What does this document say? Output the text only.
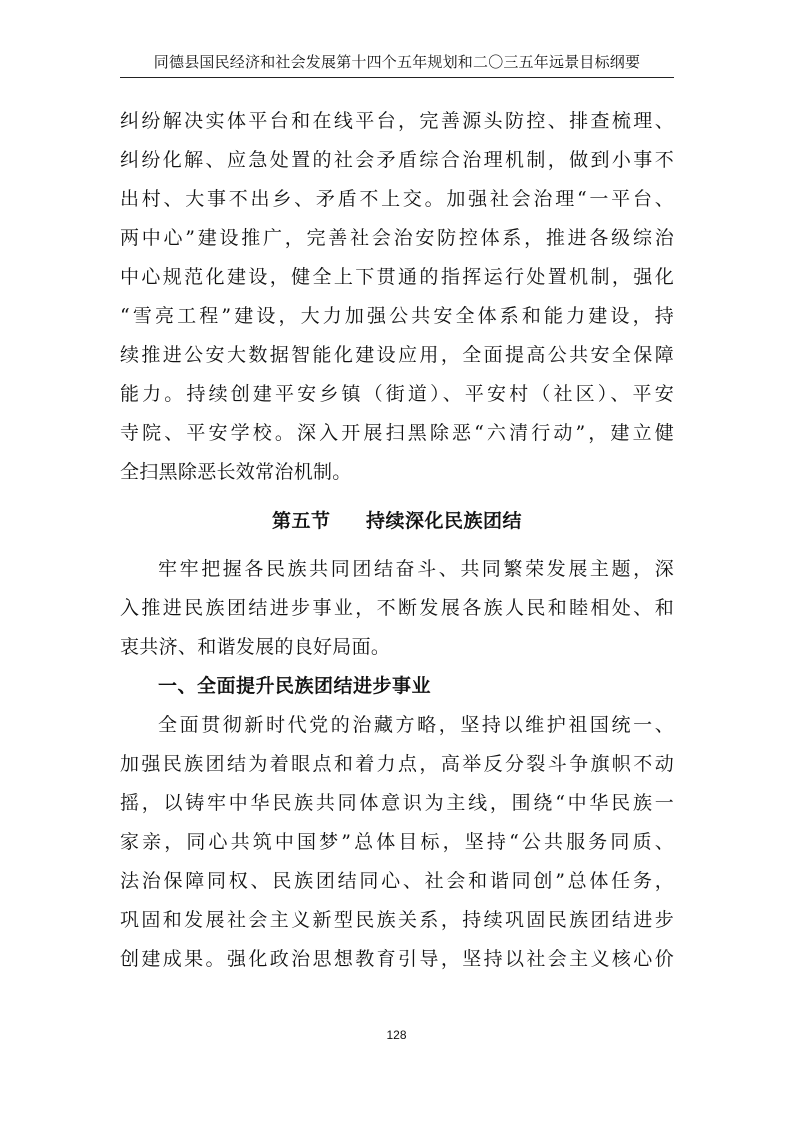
同德县国民经济和社会发展第十四个五年规划和二〇三五年远景目标纲要
纠纷解决实体平台和在线平台，完善源头防控、排查梳理、
纠纷化解、应急处置的社会矛盾综合治理机制，做到小事不
出村、大事不出乡、矛盾不上交。加强社会治理“一平台、
两中心”建设推广，完善社会治安防控体系，推进各级综治
中心规范化建设，健全上下贯通的指挥运行处置机制，强化
“雪亮工程”建设，大力加强公共安全体系和能力建设，持
续推进公安大数据智能化建设应用，全面提高公共安全保障
能力。持续创建平安乡镇（街道）、平安村（社区）、平安
寺院、平安学校。深入开展扫黑除恶“六清行动”，建立健
全扫黑除恶长效常治机制。
第五节 持续深化民族团结
牢牢把握各民族共同团结奋斗、共同繁荣发展主题，深
入推进民族团结进步事业，不断发展各族人民和睦相处、和
衷共济、和谐发展的良好局面。
一、全面提升民族团结进步事业
全面贯彻新时代党的治藏方略，坚持以维护祖国统一、
加强民族团结为着眼点和着力点，高举反分裂斗争旗帜不动
摇，以铸牢中华民族共同体意识为主线，围绕“中华民族一
家亲，同心共筑中国梦”总体目标，坚持“公共服务同质、
法治保障同权、民族团结同心、社会和谐同创”总体任务，
巩固和发展社会主义新型民族关系，持续巩固民族团结进步
创建成果。强化政治思想教育引导，坚持以社会主义核心价
128
